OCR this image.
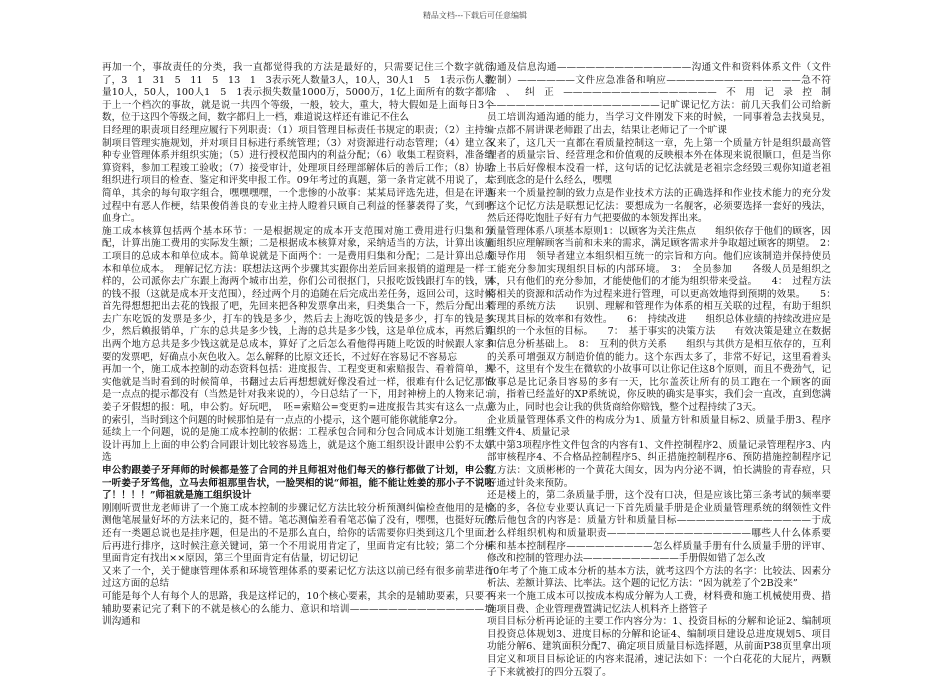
精品文档---下载后可任意编辑

再加一个，事故责任的分类，我一直都觉得我的方法是最好的，只需要记住三个数字就行了，3　1　31　5　11　5　13　1　3表示死人数量3人，10人，30人1　5　1表示伤人数量10人，50人，100人1　5　1表示损失数量1000万，5000万，1亿上面所有的数字都归于上一个档次的事故，就是说一共四个等级，一般，较大，重大，特大假如是上面每日3个数，位于这四个等级之间，数字都归上一档，难道说这样还有谁记不住么

目经理的职责项目经理应履行下列职责：（1）项目管理目标责任书规定的职责；（2）主持编制项目管理实施规划，并对项目目标进行系统管理；（3）对资源进行动态管理；（4）建立各种专业管理体系并组织实施；（5）进行授权范围内的利益分配；（6）收集工程资料，准备结算资料，参加工程竣工验收；（7）接受审计，处理项目经理部解体后的善后工作；（8）协助组织进行项目的检查、鉴定和评奖申报工作。09年考过的真题，第一条肯定就不用说了，太简单，其余的每句取字组合，嘿嘿嘿嘿，一个悲惨的小故事：某某局评选先进，但是在评选过程中有恶人作梗，结果俊俏善良的专业主持人瞪着只顾自己利益的怪蓼袭得了奖，气到吐血身亡。

施工成本核算包括两个基本环节：一是根据规定的成本开支范围对施工费用进行归集和分配，计算出施工费用的实际发生额；二是根据成本核算对象，采纳适当的方法，计算出该施工项目的总成本和单位成本。简单说就是下面两个：一是费用归集和分配；二是计算出总成本和单位成本。　理解记忆方法：联想法这两个步骤其实跟你出差后回来报销的道理是一样一样的，公司派你去广东跟上海两个城市出差，你们公司很抠门，只报吃饭钱跟打车的钱，别的钱不报（这就是成本开支范围），经过两个月的追随在后完成出差任务，返回公司，这时候首先得想想把出去花的钱报了吧，先回来把各种发票拿出来，归类集合一下，然后分配出来去广东吃饭的发票是多少，打车的钱是多少，然后去上海吃饭的钱是多少，打车的钱是多少，然后赖报销单，广东的总共是多少钱，上海的总共是多少钱，这是单位成本，再然后算出两个地方总共是多少钱这就是总成本，算好了之后怎么看他得再随上吃饭的时候跟人家多要的发票吧，好确点小灰色收入。怎么解释的比原文还长，不过好在容易记不容易忘

再加一个，施工成本控制的动态资料包括：进度报告、工程变更和索赔报告、看着简单，其实他就是当时看到的时候简单，书翻过去后再想想就好像没看过一样，很难有什么记忆那怕是一点点的提示都没有（当然是针对我来说的），今日总结了一下，用封神榜上的人物来记：姜子牙假想的报：吼，申公豹。好玩吧，　呸=索赔公=变更豹=进度报告其实有这么一点点的索引，当时到这个问题的时候那怕是有一点点的小提示，这个题可能你就能拿2分。

延续上一个问题，说的是施工成本控制的依据：工程承包合同和分包合同成本计划施工组织设计再加上上面的申公豹合同跟计划比较容易选上，就是这个施工组织设计跟申公豹不太好选

申公豹跟姜子牙拜师的时候都是签了合同的并且师祖对他们每天的修行都做了计划，申公豹一听姜子牙笃他，立马去师祖那里告状，一脸哭相的说“师祖，能不能让姓姜的那小子不说呸了！！！！”师祖就是施工组织设计

刚刚听贾世龙老师讲了一个施工成本控制的步骤记忆方法比较分析预测纠偏检查他用的是检测他笔展量好坏的方法来记的，挺不错。笔芯测偏差看看笔芯偏了没有，嘿嘿，也挺好玩的还有一类题总说也是挂序题，但是出的不是那么直白，给你的话需要你归类到这几个里面之后再进行排序，这时候注意关键词，第一个不用说用肯定了，里面肯定有比较；第二个分析里面肯定有找出××原因，第三个里面肯定有估量，切记切记

又来了一个，关于健康管理体系和环境管理体系的要素记忆方法这以前已经有很多前辈进行过这方面的总结

可能是每个人有每个人的思路，我是这样记的，10个核心要素，其余的是辅助要素，只要不辅助要素记完了剩下的不就是核心的么能力、意识和培训——————————————培训沟通和

沟通及信息沟通——————————————沟通文件和资料体系文件（文件控制）——————文件应急准备和响应——————————————急不符合、纠正————————————————不用记录控制——————————————————记旷课记忆方法：前几天我们公司给新员工培训沟通沟通的能力，当学习文件刚发下来的时候，一同事着急去找臭見，一点都不屑讲课老师跟了出去，结果让老师记了一个旷课

又来了，这几天一直都在看质量控制这一章，先上第一个质量方针是组织最高管理者的质量宗旨、经营理念和价值观的反映根本外在体现来说很顺口，但是当你合上书后好像根本没看一样，这句话的记忆法就是老祖宗念经毁三观你知道老祖宗到底念的是什么经么，嘿嘿

再来一个质量控制的致力点是作业技术方法的正确选择和作业技术能力的充分发挥这个记忆方法是联想记忆法：要想成为一名舰客，必须要选择一套好的残法，然后还得吃饱肚子好有力气把要做的本领发挥出来。

质量管理体系八项基本原则1：以顾客为关注焦点　　组织依存于他们的顾客，因而组织应理解顾客当前和未来的需求，满足顾客需求并争取超过顾客的期望。　2：　领导作用　领导者建立本组织相互统一的宗旨和方向。他们应该制造并保持使员工能充分参加实现组织目标的内部环境。　3：　全员参加　　各级人员是组织之本，只有他们的充分参加，才能使他们的才能为组织带来受益。　　4：　过程方法　　将相关的资源和活动作为过程来进行管理，可以更高效地得到预期的效果。　　5：　管理的系统方法　　识别、理解和管理作为体系的相互关联的过程，有助于组织实现其目标的效率和有效性。　　6：　持续改进　　组织总体业绩的持续改进应是组织的一个永恒的目标。　　7：　基于事实的决策方法　　有效决策是建立在数据和信息分析基础上。　8：　互利的供方关系　　组织与其供方是相互依存的，互利的关系可增强双方制造价值的能力。这个东西太多了，非常不好记，这里看着头晕不，这里有个发生在微软的小故事可以让你记住这8个原则，而且不费劲气，记故事总是比记条目容易的多有一天，比尔盖茨让所有的员工跑在一个顾客的面前，指着已经盖好的XP系统说，你反映的确实是事实，我们会一直改，直到您满意为止，同时也会让我的供货商给你赔钱，整个过程持续了3天。

企业质量管理体系文件的构成分为1、质量方针和质量目标2、质量手册3、程序性文件4、质量记录

其中第3项程序性文件包含的内容有1、文件控制程序2、质量记录管理程序3、内部审核程序4、不合格品控制程序5、纠正措施控制程序6、预防措施控制程序记忆方法：文质彬彬的一个黄花大闺女，因为内分泌不调，怕长满脸的青春痘，只好通过针灸来预防。

还是楼上的，第二条质量手册，这个没有口决，但是应该比第三条考试的频率要高的多，各位专业要认真记一下首先质量手册是企业质量管理系统的纲领性文件然后他包含的内容是：质量方针和质量目标——————————————于成什么样组织机构和质量职责———————————————哪些人什么体系要素和基本控制程序—————————怎么样质量手册有什么质量手册的评审、修改和控制的管理办法——————————手册假如错了怎么改

10年考了个施工成本分析的基本方法，就考这四个方法的名字：比较法、因素分析法、差额计算法、比率法。这个题的记忆方法：“因为就差了个2B没来”

再来一个施工成本可以按成本构成分解为人工费，材料费和施工机械使用费、措施项目费、企业管理费置满记忆法人机料齐上搭管子

项目目标分析再论证的主要工作内容分为：1、投资目标的分解和论证2、编制项目投资总体规划3、进度目标的分解和论证4、编制项目建设总进度规划5、项目功能分解6、建筑面积分配7、确定项目质量目标选择题，从前面P38页里拿出项目定义和项目目标论证的内容来混淆，速记法如下：一个白花花的大屁片，两颗子下来就被打的四分五裂了。
